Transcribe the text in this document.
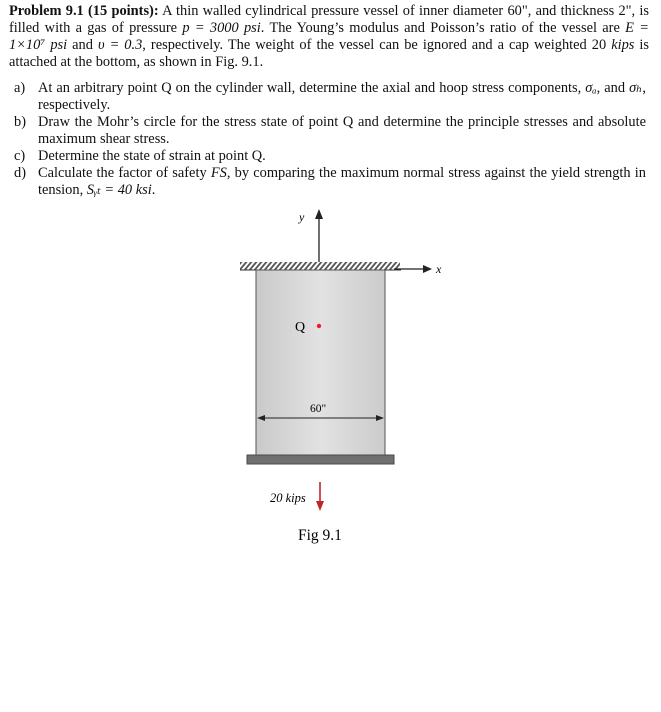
Problem 9.1 (15 points): A thin walled cylindrical pressure vessel of inner diameter 60", and thickness 2", is filled with a gas of pressure p = 3000 psi. The Young’s modulus and Poisson’s ratio of the vessel are E = 1×10⁷ psi and υ = 0.3, respectively. The weight of the vessel can be ignored and a cap weighted 20 kips is attached at the bottom, as shown in Fig. 9.1.
a) At an arbitrary point Q on the cylinder wall, determine the axial and hoop stress components, σₐ, and σₕ, respectively.
b) Draw the Mohr’s circle for the stress state of point Q and determine the principle stresses and absolute maximum shear stress.
c) Determine the state of strain at point Q.
d) Calculate the factor of safety FS, by comparing the maximum normal stress against the yield strength in tension, Sᵧₜ = 40 ksi.
y
x
Q
60"
20 kips
Fig 9.1
